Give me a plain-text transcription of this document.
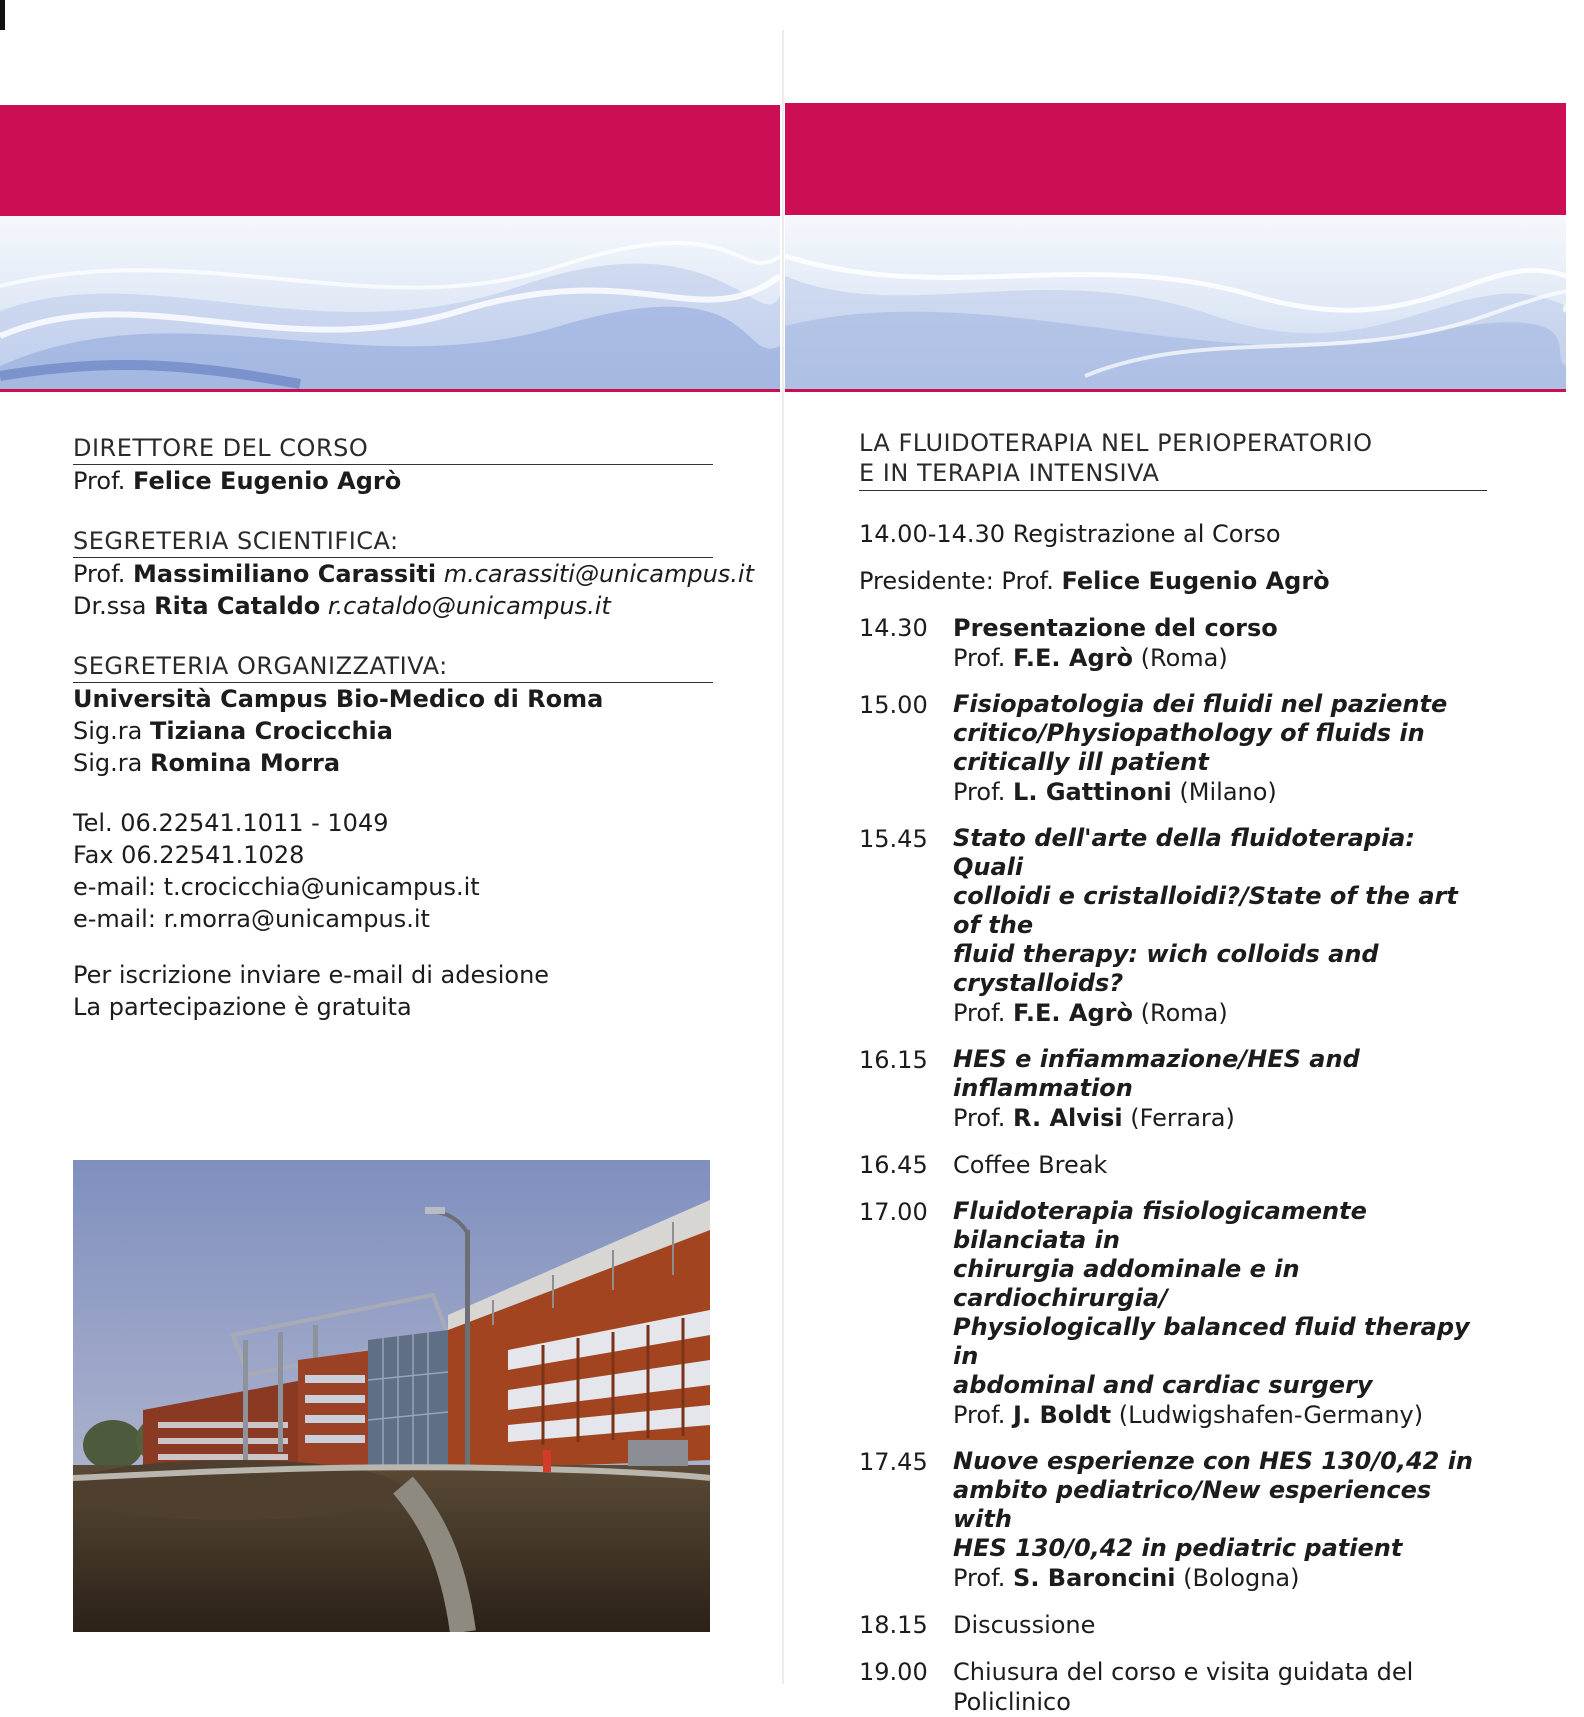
DIRETTORE DEL CORSO
Prof. Felice Eugenio Agrò
SEGRETERIA SCIENTIFICA:
Prof. Massimiliano Carassiti m.carassiti@unicampus.it
Dr.ssa Rita Cataldo r.cataldo@unicampus.it
SEGRETERIA ORGANIZZATIVA:
Università Campus Bio-Medico di Roma
Sig.ra Tiziana Crocicchia
Sig.ra Romina Morra
Tel. 06.22541.1011 - 1049
Fax 06.22541.1028
e-mail: t.crocicchia@unicampus.it
e-mail: r.morra@unicampus.it
Per iscrizione inviare e-mail di adesione
La partecipazione è gratuita
LA FLUIDOTERAPIA NEL PERIOPERATORIO
E IN TERAPIA INTENSIVA
14.00-14.30 Registrazione al Corso
Presidente: Prof. Felice Eugenio Agrò
14.30	Presentazione del corso
Prof. F.E. Agrò (Roma)
15.00	Fisiopatologia dei fluidi nel paziente
critico/Physiopathology of fluids in
critically ill patient
Prof. L. Gattinoni (Milano)
15.45	Stato dell'arte della fluidoterapia: Quali
colloidi e cristalloidi?/State of the art of the
fluid therapy: wich colloids and
crystalloids?
Prof. F.E. Agrò (Roma)
16.15	HES e infiammazione/HES and
inflammation
Prof. R. Alvisi (Ferrara)
16.45	Coffee Break
17.00	Fluidoterapia fisiologicamente bilanciata in
chirurgia addominale e in cardiochirurgia/
Physiologically balanced fluid therapy in
abdominal and cardiac surgery
Prof. J. Boldt (Ludwigshafen-Germany)
17.45	Nuove esperienze con HES 130/0,42 in
ambito pediatrico/New esperiences with
HES 130/0,42 in pediatric patient
Prof. S. Baroncini (Bologna)
18.15	Discussione
19.00	Chiusura del corso e visita guidata del
Policlinico
